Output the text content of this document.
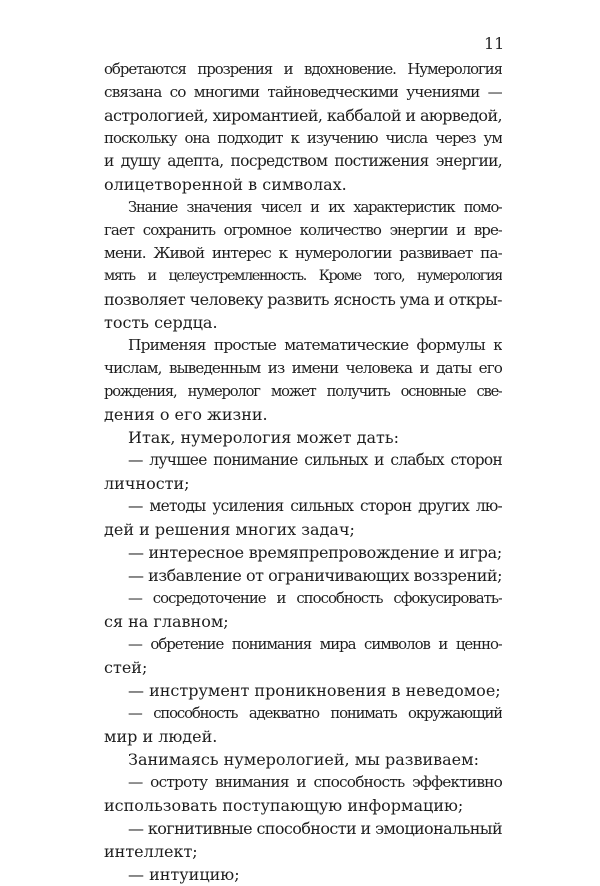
11
обретаются прозрения и вдохновение. Нумерология
связана со многими тайноведческими учениями —
астрологией, хиромантией, каббалой и аюрведой,
поскольку она подходит к изучению числа через ум
и душу адепта, посредством постижения энергии,
олицетворенной в символах.
Знание значения чисел и их характеристик помо-
гает сохранить огромное количество энергии и вре-
мени. Живой интерес к нумерологии развивает па-
мять и целеустремленность. Кроме того, нумерология
позволяет человеку развить ясность ума и откры-
тость сердца.
Применяя простые математические формулы к
числам, выведенным из имени человека и даты его
рождения, нумеролог может получить основные све-
дения о его жизни.
Итак, нумерология может дать:
— лучшее понимание сильных и слабых сторон
личности;
— методы усиления сильных сторон других лю-
дей и решения многих задач;
— интересное времяпрепровождение и игра;
— избавление от ограничивающих воззрений;
— сосредоточение и способность сфокусировать-
ся на главном;
— обретение понимания мира символов и ценно-
стей;
— инструмент проникновения в неведомое;
— способность адекватно понимать окружающий
мир и людей.
Занимаясь нумерологией, мы развиваем:
— остроту внимания и способность эффективно
использовать поступающую информацию;
— когнитивные способности и эмоциональный
интеллект;
— интуицию;
